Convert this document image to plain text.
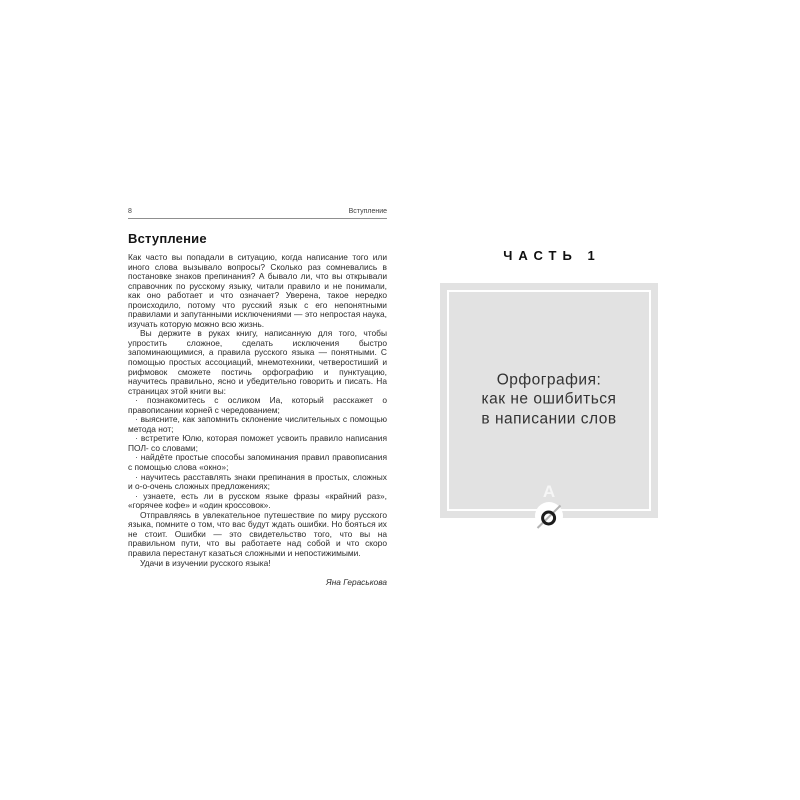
8	Вступление
Вступление

Как часто вы попадали в ситуацию, когда написание того или иного слова вызывало вопросы? Сколько раз сомневались в постановке знаков препинания? А бывало ли, что вы открывали справочник по русскому языку, читали правило и не понимали, как оно работает и что означает? Уверена, такое нередко происходило, потому что русский язык с его непонятными правилами и запутанными исключениями — это непростая наука, изучать которую можно всю жизнь.

Вы держите в руках книгу, написанную для того, чтобы упростить сложное, сделать исключения быстро запоминающимися, а правила русского языка — понятными. С помощью простых ассоциаций, мнемотехники, четверостиший и рифмовок сможете постичь орфографию и пунктуацию, научитесь правильно, ясно и убедительно говорить и писать. На страницах этой книги вы:

· познакомитесь с осликом Иа, который расскажет о правописании корней с чередованием;

· выясните, как запомнить склонение числительных с помощью метода нот;

· встретите Юлю, которая поможет усвоить правило написания ПОЛ- со словами;

· найдёте простые способы запоминания правил правописания с помощью слова «окно»;

· научитесь расставлять знаки препинания в простых, сложных и о-о-очень сложных предложениях;

· узнаете, есть ли в русском языке фразы «крайний раз», «горячее кофе» и «один кроссовок».

Отправляясь в увлекательное путешествие по миру русского языка, помните о том, что вас будут ждать ошибки. Но бояться их не стоит. Ошибки — это свидетельство того, что вы на правильном пути, что вы работаете над собой и что скоро правила перестанут казаться сложными и непостижимыми.

Удачи в изучении русского языка!

Яна Гераськова
ЧАСТЬ 1
Орфография:
как не ошибиться
в написании слов
А
